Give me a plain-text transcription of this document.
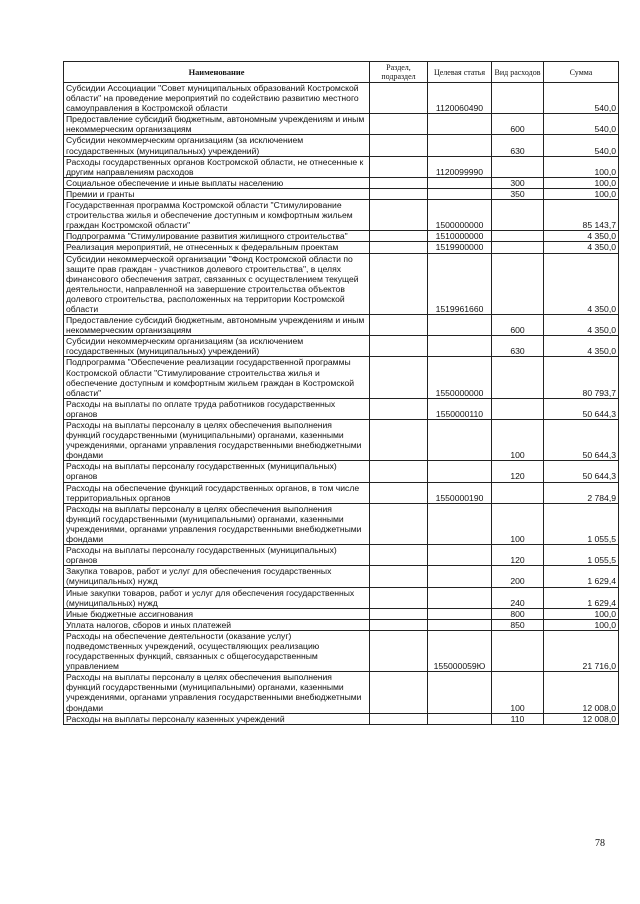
Наименование	Раздел, подраздел	Целевая статья	Вид расходов	Сумма
Субсидии Ассоциации "Совет муниципальных образований Костромской области" на проведение мероприятий по содействию развитию местного самоуправления в Костромской области		1120060490		540,0
Предоставление субсидий бюджетным, автономным учреждениям и иным некоммерческим организациям			600	540,0
Субсидии некоммерческим организациям (за исключением государственных (муниципальных) учреждений)			630	540,0
Расходы государственных органов Костромской области, не отнесенные к другим направлениям расходов		1120099990		100,0
Социальное обеспечение и иные выплаты населению			300	100,0
Премии и гранты			350	100,0
Государственная программа Костромской области "Стимулирование строительства жилья и обеспечение доступным и комфортным жильем граждан Костромской области"		1500000000		85 143,7
Подпрограмма "Стимулирование развития жилищного строительства"		1510000000		4 350,0
Реализация мероприятий, не отнесенных к федеральным проектам		1519900000		4 350,0
Субсидии некоммерческой организации "Фонд Костромской области по защите прав граждан - участников долевого строительства", в целях финансового обеспечения затрат, связанных с осуществлением текущей деятельности, направленной на завершение строительства объектов долевого строительства, расположенных на территории Костромской области		1519961660		4 350,0
Предоставление субсидий бюджетным, автономным учреждениям и иным некоммерческим организациям			600	4 350,0
Субсидии некоммерческим организациям (за исключением государственных (муниципальных) учреждений)			630	4 350,0
Подпрограмма "Обеспечение реализации государственной программы Костромской области "Стимулирование строительства жилья и обеспечение доступным и комфортным жильем граждан в Костромской области"		1550000000		80 793,7
Расходы на выплаты по оплате труда работников государственных органов		1550000110		50 644,3
Расходы на выплаты персоналу в целях обеспечения выполнения функций государственными (муниципальными) органами, казенными учреждениями, органами управления государственными внебюджетными фондами			100	50 644,3
Расходы на выплаты персоналу государственных (муниципальных) органов			120	50 644,3
Расходы на обеспечение функций государственных органов, в том числе территориальных органов		1550000190		2 784,9
Расходы на выплаты персоналу в целях обеспечения выполнения функций государственными (муниципальными) органами, казенными учреждениями, органами управления государственными внебюджетными фондами			100	1 055,5
Расходы на выплаты персоналу государственных (муниципальных) органов			120	1 055,5
Закупка товаров, работ и услуг для обеспечения государственных (муниципальных) нужд			200	1 629,4
Иные закупки товаров, работ и услуг для обеспечения государственных (муниципальных) нужд			240	1 629,4
Иные бюджетные ассигнования			800	100,0
Уплата налогов, сборов и иных платежей			850	100,0
Расходы на обеспечение деятельности (оказание услуг) подведомственных учреждений, осуществляющих реализацию государственных функций, связанных с общегосударственным управлением		155000059Ю		21 716,0
Расходы на выплаты персоналу в целях обеспечения выполнения функций государственными (муниципальными) органами, казенными учреждениями, органами управления государственными внебюджетными фондами			100	12 008,0
Расходы на выплаты персоналу казенных учреждений			110	12 008,0
78
